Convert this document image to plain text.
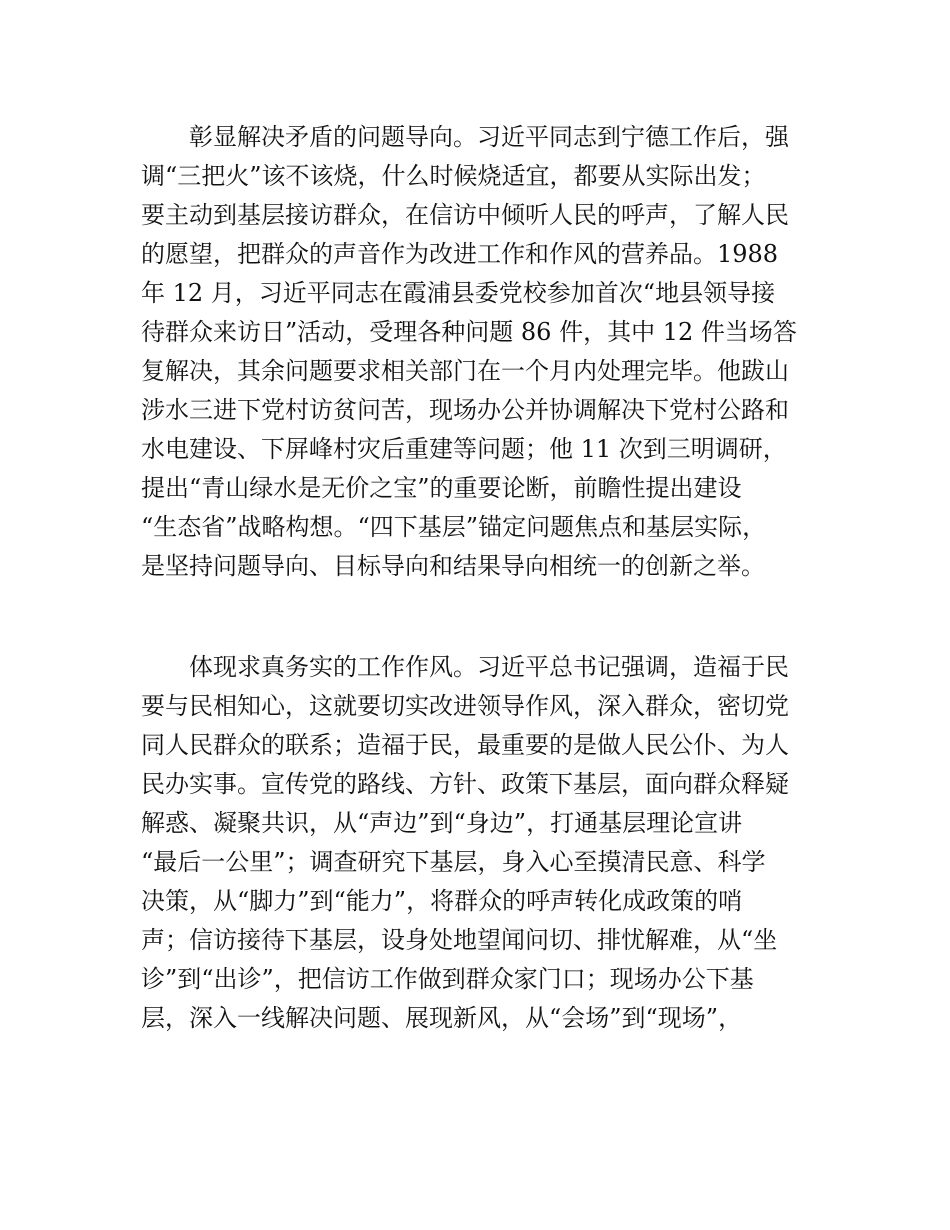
彰显解决矛盾的问题导向。习近平同志到宁德工作后，强
调“三把火”该不该烧，什么时候烧适宜，都要从实际出发；
要主动到基层接访群众，在信访中倾听人民的呼声，了解人民
的愿望，把群众的声音作为改进工作和作风的营养品。1988
年 12 月，习近平同志在霞浦县委党校参加首次“地县领导接
待群众来访日”活动，受理各种问题 86 件，其中 12 件当场答
复解决，其余问题要求相关部门在一个月内处理完毕。他跋山
涉水三进下党村访贫问苦，现场办公并协调解决下党村公路和
水电建设、下屏峰村灾后重建等问题；他 11 次到三明调研，
提出“青山绿水是无价之宝”的重要论断，前瞻性提出建设
“生态省”战略构想。“四下基层”锚定问题焦点和基层实际，
是坚持问题导向、目标导向和结果导向相统一的创新之举。
体现求真务实的工作作风。习近平总书记强调，造福于民
要与民相知心，这就要切实改进领导作风，深入群众，密切党
同人民群众的联系；造福于民，最重要的是做人民公仆、为人
民办实事。宣传党的路线、方针、政策下基层，面向群众释疑
解惑、凝聚共识，从“声边”到“身边”，打通基层理论宣讲
“最后一公里”；调查研究下基层，身入心至摸清民意、科学
决策，从“脚力”到“能力”，将群众的呼声转化成政策的哨
声；信访接待下基层，设身处地望闻问切、排忧解难，从“坐
诊”到“出诊”，把信访工作做到群众家门口；现场办公下基
层，深入一线解决问题、展现新风，从“会场”到“现场”，
